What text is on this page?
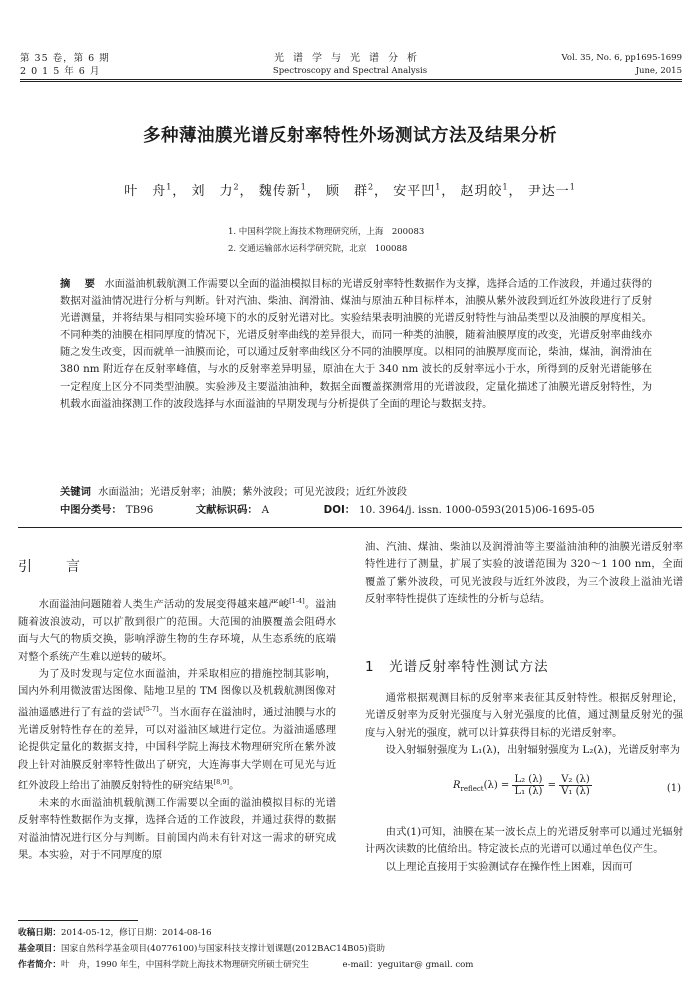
第 35 卷，第 6 期
2 0 1 5 年 6 月
光谱学与光谱分析
Spectroscopy and Spectral Analysis
Vol. 35, No. 6, pp1695-1699
June, 2015
多种薄油膜光谱反射率特性外场测试方法及结果分析
叶　舟$^1$， 刘　力$^2$， 魏传新$^1$， 顾　群$^2$， 安平凹$^1$， 赵玥皎$^1$， 尹达一$^1$
1. 中国科学院上海技术物理研究所，上海　200083
2. 交通运输部水运科学研究院，北京　100088
摘　要 水面溢油机载航测工作需要以全面的溢油模拟目标的光谱反射率特性数据作为支撑，选择合适的工作波段，并通过获得的数据对溢油情况进行分析与判断。针对汽油、柴油、润滑油、煤油与原油五种目标样本，油膜从紫外波段到近红外波段进行了反射光谱测量，并将结果与相同实验环境下的水的反射光谱对比。实验结果表明油膜的光谱反射特性与油品类型以及油膜的厚度相关。不同种类的油膜在相同厚度的情况下，光谱反射率曲线的差异很大，而同一种类的油膜，随着油膜厚度的改变，光谱反射率曲线亦随之发生改变，因而就单一油膜而论，可以通过反射率曲线区分不同的油膜厚度。以相同的油膜厚度而论，柴油，煤油，润滑油在 380 nm 附近存在反射率峰值，与水的反射率差异明显，原油在大于 340 nm 波长的反射率远小于水，所得到的反射光谱能够在一定程度上区分不同类型油膜。实验涉及主要溢油油种，数据全面覆盖探测常用的光谱波段，定量化描述了油膜光谱反射特性，为机载水面溢油探测工作的波段选择与水面溢油的早期发现与分析提供了全面的理论与数据支持。
关键词 水面溢油；光谱反射率；油膜；紫外波段；可见光波段；近红外波段
中图分类号： TB96	文献标识码： A	DOI： 10. 3964/j. issn. 1000-0593(2015)06-1695-05
引　言

水面溢油问题随着人类生产活动的发展变得越来越严峻[1-4]。溢油随着波浪波动，可以扩散到很广的范围。大范围的油膜覆盖会阻碍水面与大气的物质交换，影响浮游生物的生存环境，从生态系统的底端对整个系统产生难以逆转的破坏。

为了及时发现与定位水面溢油，并采取相应的措施控制其影响，国内外利用微波雷达图像、陆地卫星的 TM 图像以及机载航测图像对溢油遥感进行了有益的尝试[5-7]。当水面存在溢油时，通过油膜与水的光谱反射特性存在的差异，可以对溢油区域进行定位。为溢油遥感理论提供定量化的数据支持，中国科学院上海技术物理研究所在紫外波段上针对油膜反射率特性做出了研究，大连海事大学则在可见光与近红外波段上给出了油膜反射特性的研究结果[8,9]。

未来的水面溢油机载航测工作需要以全面的溢油模拟目标的光谱反射率特性数据作为支撑，选择合适的工作波段，并通过获得的数据对溢油情况进行区分与判断。目前国内尚未有针对这一需求的研究成果。本实验，对于不同厚度的原

油、汽油、煤油、柴油以及润滑油等主要溢油油种的油膜光谱反射率特性进行了测量，扩展了实验的波谱范围为 320～1 100 nm，全面覆盖了紫外波段，可见光波段与近红外波段，为三个波段上溢油光谱反射率特性提供了连续性的分析与总结。
1　光谱反射率特性测试方法

通常根据观测目标的反射率来表征其反射特性。根据反射理论，光谱反射率为反射光强度与入射光强度的比值，通过测量反射光的强度与入射光的强度，就可以计算获得目标的光谱反射率。

设入射辐射强度为 L₁(λ)，出射辐射强度为 L₂(λ)，光谱反射率为

$R_{reflect}(\lambda) = \frac{\text{L₂ (λ)}}{\text{L₁ (λ)}} = \frac{\text{V₂ (λ)}}{\text{V₁ (λ)}}$	(1)

由式(1)可知，油膜在某一波长点上的光谱反射率可以通过光辐射计两次读数的比值给出。特定波长点的光谱可以通过单色仪产生。

以上理论直接用于实验测试存在操作性上困难，因而可

收稿日期：2014-05-12，修订日期：2014-08-16
基金项目：国家自然科学基金项目(40776100)与国家科技支撑计划课题(2012BAC14B05)资助
作者简介：叶　舟，1990 年生，中国科学院上海技术物理研究所硕士研究生	e-mail：yeguitar@ gmail. com
